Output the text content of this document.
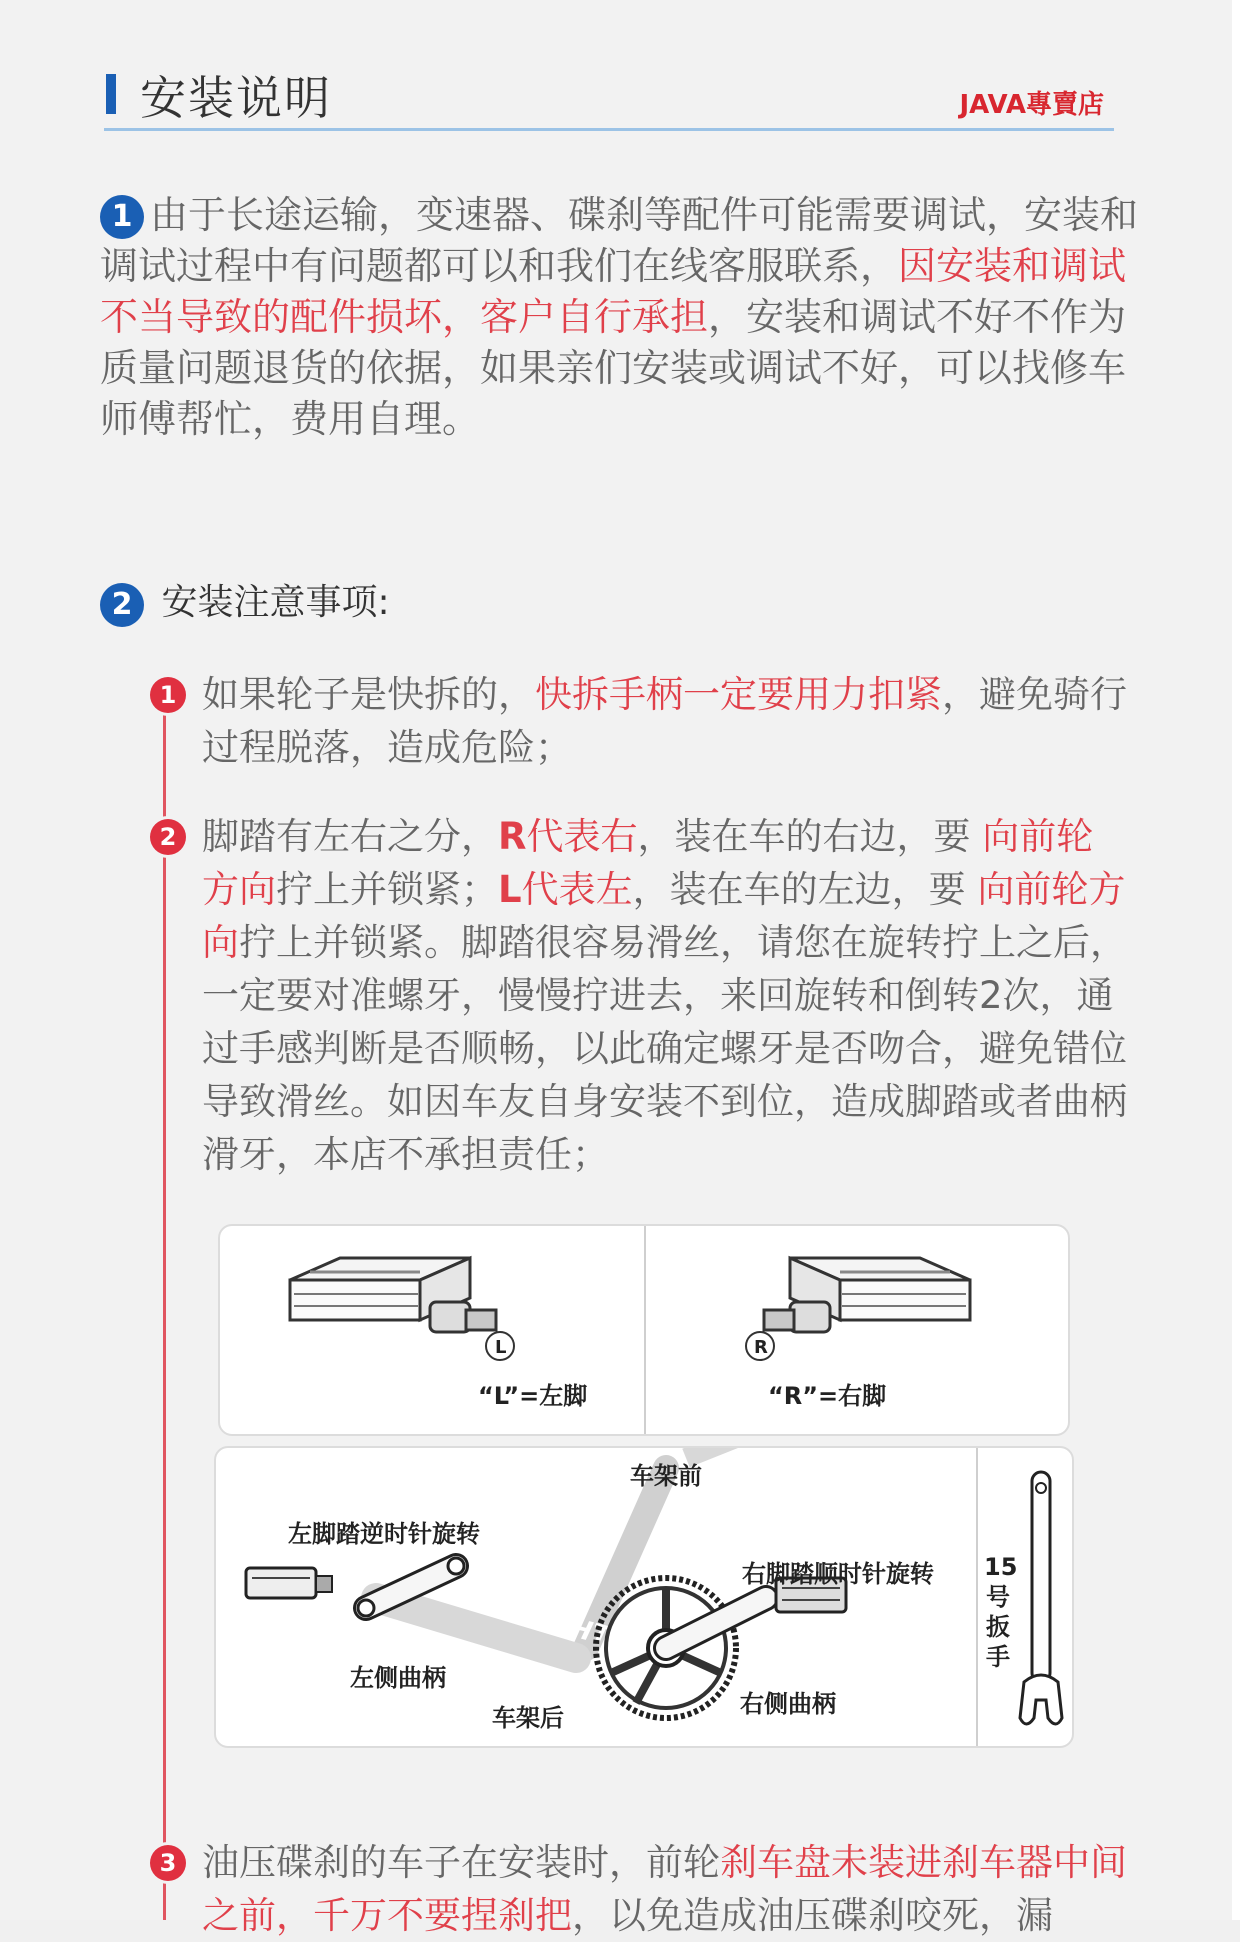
安装说明	JAVA專賣店
1 由于长途运输，变速器、碟刹等配件可能需要调试，安装和调试过程中有问题都可以和我们在线客服联系，因安装和调试不当导致的配件损坏，客户自行承担，安装和调试不好不作为质量问题退货的依据，如果亲们安装或调试不好，可以找修车师傅帮忙，费用自理。
2 安装注意事项:
1 如果轮子是快拆的，快拆手柄一定要用力扣紧，避免骑行过程脱落，造成危险；
2 脚踏有左右之分，R代表右，装在车的右边，要 向前轮方向拧上并锁紧；L代表左，装在车的左边，要 向前轮方向拧上并锁紧。脚踏很容易滑丝，请您在旋转拧上之后，一定要对准螺牙，慢慢拧进去，来回旋转和倒转2次，通过手感判断是否顺畅，以此确定螺牙是否吻合，避免错位导致滑丝。如因车友自身安装不到位，造成脚踏或者曲柄滑牙，本店不承担责任；
L
“L”=左脚
R
“R”=右脚
KNIGHT
车架前
左脚踏逆时针旋转
右脚踏顺时针旋转
左侧曲柄
车架后	右侧曲柄
15号扳手
3 油压碟刹的车子在安装时，前轮刹车盘未装进刹车器中间之前，千万不要捏刹把，以免造成油压碟刹咬死，漏
